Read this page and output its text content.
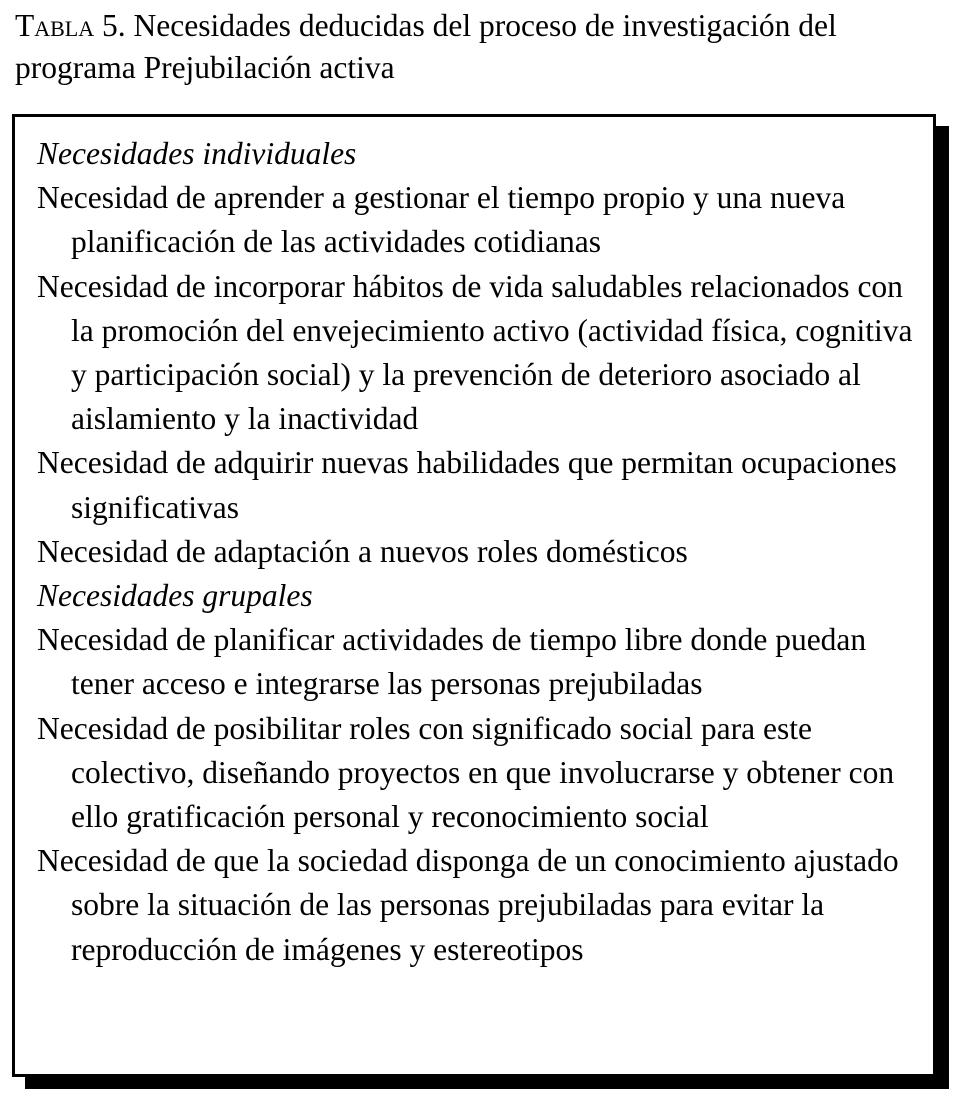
Tabla 5. Necesidades deducidas del proceso de investigación del programa Prejubilación activa
Necesidades individuales
Necesidad de aprender a gestionar el tiempo propio y una nueva planificación de las actividades cotidianas
Necesidad de incorporar hábitos de vida saludables relacionados con la promoción del envejecimiento activo (actividad física, cognitiva y participación social) y la prevención de deterioro asociado al aislamiento y la inactividad
Necesidad de adquirir nuevas habilidades que permitan ocupaciones significativas
Necesidad de adaptación a nuevos roles domésticos
Necesidades grupales
Necesidad de planificar actividades de tiempo libre donde puedan tener acceso e integrarse las personas prejubiladas
Necesidad de posibilitar roles con significado social para este colectivo, diseñando proyectos en que involucrarse y obtener con ello gratificación personal y reconocimiento social
Necesidad de que la sociedad disponga de un conocimiento ajustado sobre la situación de las personas prejubiladas para evitar la reproducción de imágenes y estereotipos
